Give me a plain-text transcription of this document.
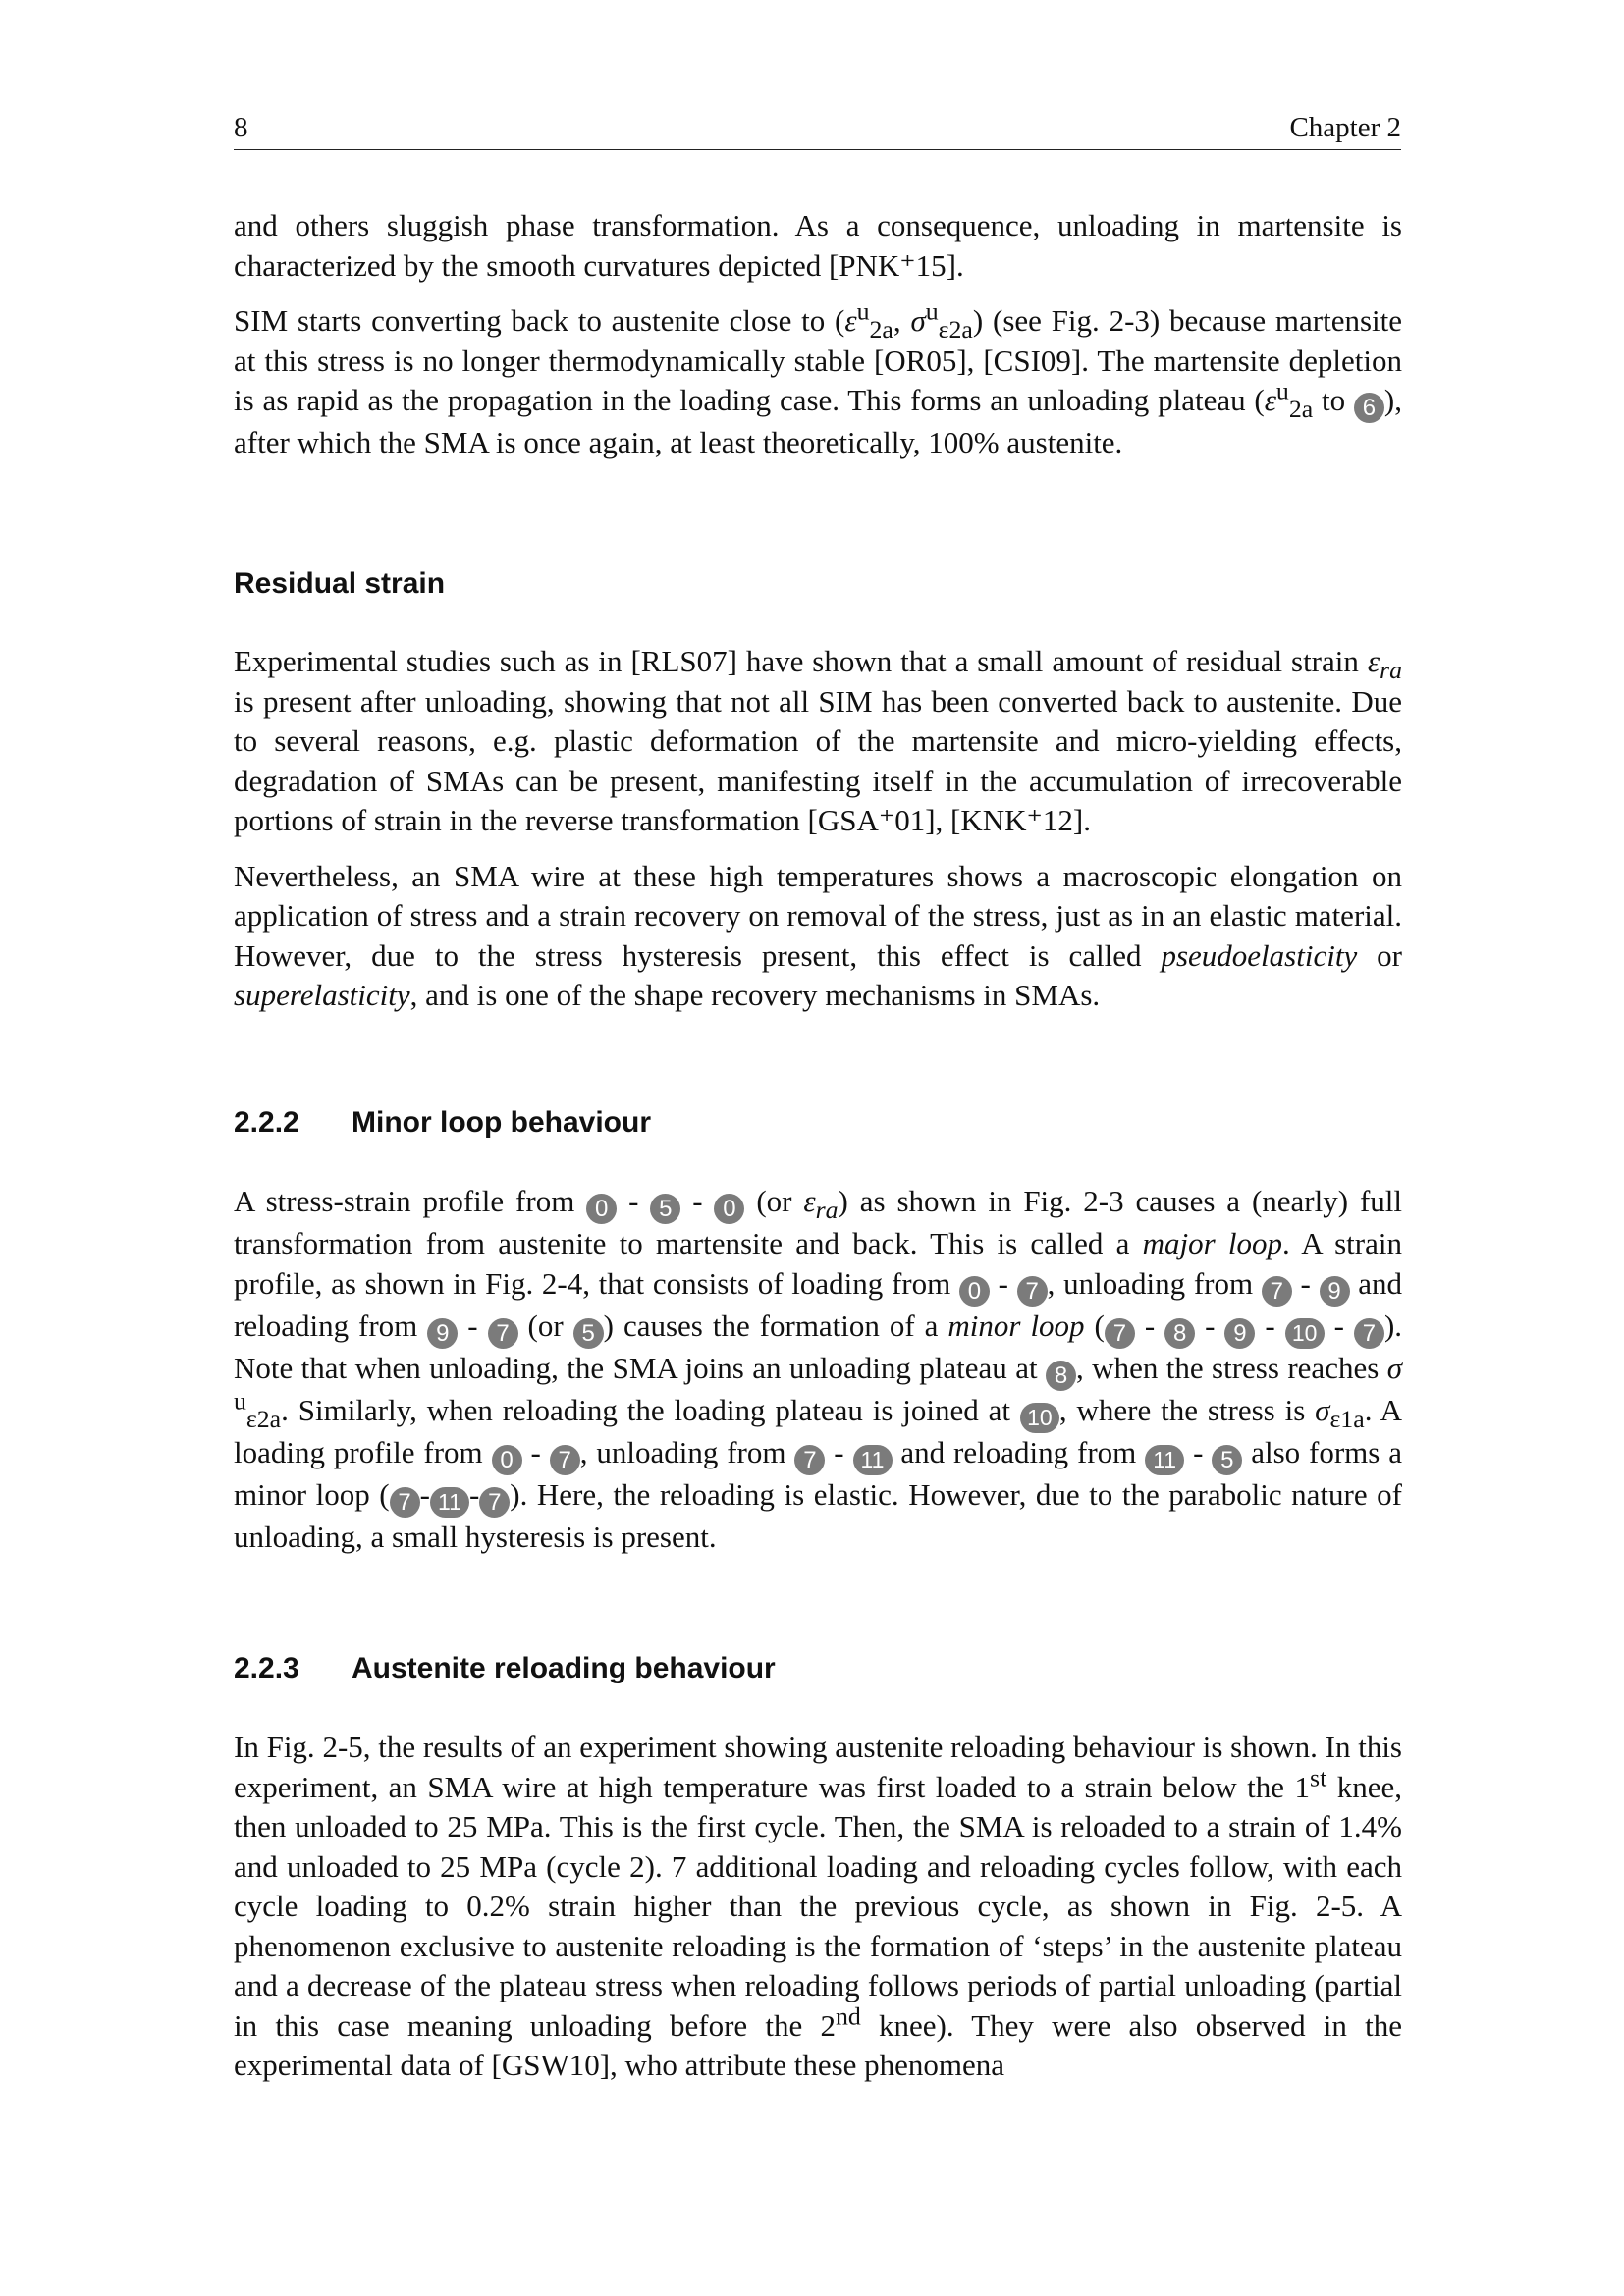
8	Chapter 2

and others sluggish phase transformation. As a consequence, unloading in martensite is characterized by the smooth curvatures depicted [PNK⁺15].

SIM starts converting back to austenite close to ($\varepsilon^u_{2a}$, $\sigma^u_{\varepsilon 2a}$) (see Fig. 2-3) because martensite at this stress is no longer thermodynamically stable [OR05], [CSI09]. The martensite depletion is as rapid as the propagation in the loading case. This forms an unloading plateau ($\varepsilon^u_{2a}$ to 6 ), after which the SMA is once again, at least theoretically, 100% austenite.

Residual strain

Experimental studies such as in [RLS07] have shown that a small amount of residual strain $\varepsilon_{ra}$ is present after unloading, showing that not all SIM has been converted back to austenite. Due to several reasons, e.g. plastic deformation of the martensite and micro-yielding effects, degradation of SMAs can be present, manifesting itself in the accumulation of irrecoverable portions of strain in the reverse transformation [GSA⁺01], [KNK⁺12].

Nevertheless, an SMA wire at these high temperatures shows a macroscopic elongation on application of stress and a strain recovery on removal of the stress, just as in an elastic material. However, due to the stress hysteresis present, this effect is called pseudoelasticity or superelasticity, and is one of the shape recovery mechanisms in SMAs.

2.2.2 Minor loop behaviour

A stress-strain profile from 0 - 5 - 0 (or $\varepsilon_{ra}$) as shown in Fig. 2-3 causes a (nearly) full transformation from austenite to martensite and back. This is called a major loop. A strain profile, as shown in Fig. 2-4, that consists of loading from 0 - 7 , unloading from 7 - 9 and reloading from 9 - 7 (or 5 ) causes the formation of a minor loop ( 7 - 8 - 9 - 10 - 7 ). Note that when unloading, the SMA joins an unloading plateau at 8 , when the stress reaches $\sigma^u_{\varepsilon 2a}$. Similarly, when reloading the loading plateau is joined at 10 , where the stress is $\sigma_{\varepsilon 1a}$. A loading profile from 0 - 7 , unloading from 7 - 11 and reloading from 11 - 5 also forms a minor loop ( 7 - 11 - 7 ). Here, the reloading is elastic. However, due to the parabolic nature of unloading, a small hysteresis is present.

2.2.3 Austenite reloading behaviour

In Fig. 2-5, the results of an experiment showing austenite reloading behaviour is shown. In this experiment, an SMA wire at high temperature was first loaded to a strain below the 1st knee, then unloaded to 25 MPa. This is the first cycle. Then, the SMA is reloaded to a strain of 1.4% and unloaded to 25 MPa (cycle 2). 7 additional loading and reloading cycles follow, with each cycle loading to 0.2% strain higher than the previous cycle, as shown in Fig. 2-5. A phenomenon exclusive to austenite reloading is the formation of ‘steps’ in the austenite plateau and a decrease of the plateau stress when reloading follows periods of partial unloading (partial in this case meaning unloading before the 2nd knee). They were also observed in the experimental data of [GSW10], who attribute these phenomena
